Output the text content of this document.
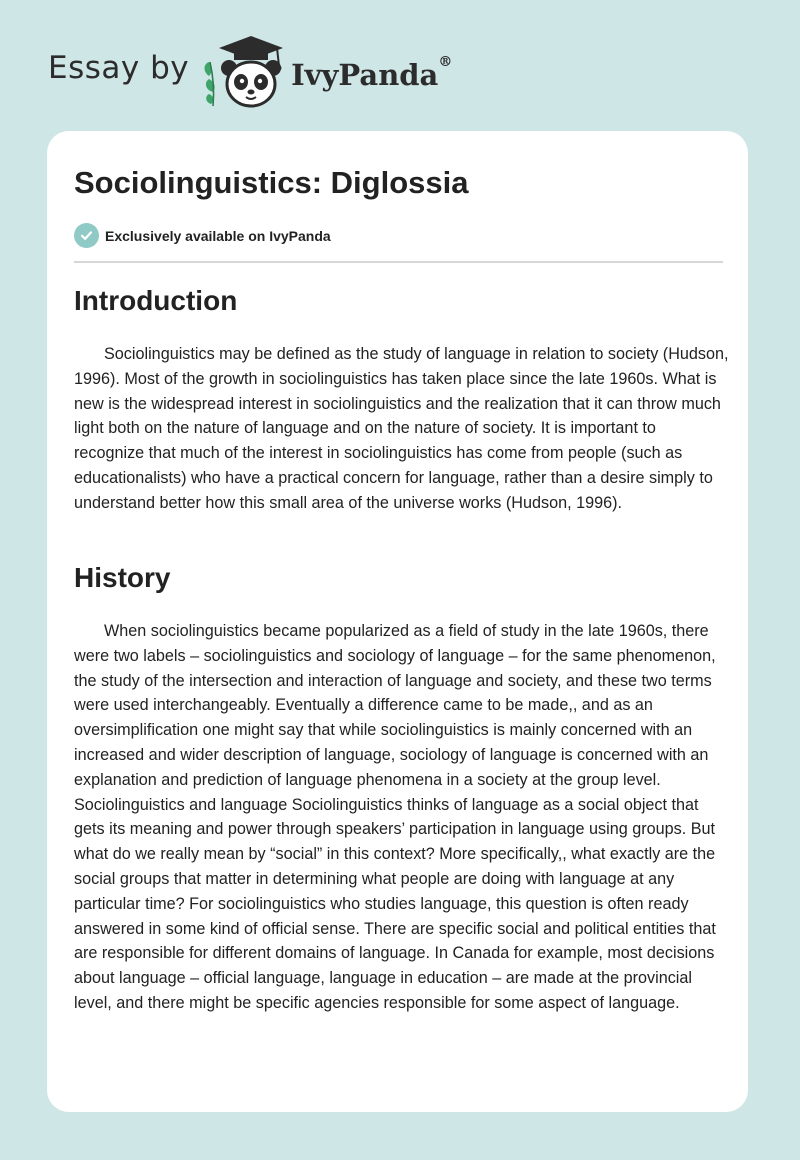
Essay by	IvyPanda®
Sociolinguistics: Diglossia
Exclusively available on IvyPanda
Introduction

Sociolinguistics may be defined as the study of language in relation to society (Hudson, 1996). Most of the growth in sociolinguistics has taken place since the late 1960s. What is new is the widespread interest in sociolinguistics and the realization that it can throw much light both on the nature of language and on the nature of society. It is important to recognize that much of the interest in sociolinguistics has come from people (such as educationalists) who have a practical concern for language, rather than a desire simply to understand better how this small area of the universe works (Hudson, 1996).

History

When sociolinguistics became popularized as a field of study in the late 1960s, there were two labels – sociolinguistics and sociology of language – for the same phenomenon, the study of the intersection and interaction of language and society, and these two terms were used interchangeably. Eventually a difference came to be made,, and as an oversimplification one might say that while sociolinguistics is mainly concerned with an increased and wider description of language, sociology of language is concerned with an explanation and prediction of language phenomena in a society at the group level. Sociolinguistics and language Sociolinguistics thinks of language as a social object that gets its meaning and power through speakers’ participation in language using groups. But what do we really mean by “social” in this context? More specifically,, what exactly are the social groups that matter in determining what people are doing with language at any particular time? For sociolinguistics who studies language, this question is often ready answered in some kind of official sense. There are specific social and political entities that are responsible for different domains of language. In Canada for example, most decisions about language – official language, language in education – are made at the provincial level, and there might be specific agencies responsible for some aspect of language.
